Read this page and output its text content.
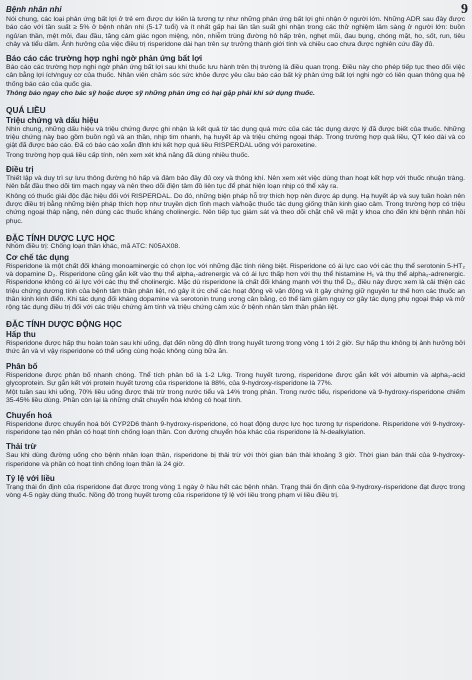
9
Bệnh nhân nhi

Nói chung, các loại phản ứng bất lợi ở trẻ em được dự kiến là tương tự như những phản ứng bất lợi ghi nhận ở người lớn. Những ADR sau đây được báo cáo với tần suất ≥ 5% ở bệnh nhân nhi (5-17 tuổi) và ít nhất gấp hai lần tần suất ghi nhận trong các thử nghiệm lâm sàng ở người lớn: buồn ngủ/an thần, mệt mỏi, đau đầu, tăng cảm giác ngon miệng, nôn, nhiễm trùng đường hô hấp trên, nghẹt mũi, đau bụng, chóng mặt, ho, sốt, run, tiêu chảy và tiểu dầm. Ảnh hưởng của việc điều trị risperidone dài hạn trên sự trưởng thành giới tính và chiều cao chưa được nghiên cứu đầy đủ.

Báo cáo các trường hợp nghi ngờ phản ứng bất lợi

Báo cáo các trường hợp nghi ngờ phản ứng bất lợi sau khi thuốc lưu hành trên thị trường là điều quan trọng. Điều này cho phép tiếp tục theo dõi việc cân bằng lợi ích/nguy cơ của thuốc. Nhân viên chăm sóc sức khỏe được yêu cầu báo cáo bất kỳ phản ứng bất lợi nghi ngờ có liên quan thông qua hệ thống báo cáo của quốc gia.

Thông báo ngay cho bác sỹ hoặc dược sỹ những phản ứng có hại gặp phải khi sử dụng thuốc.

QUÁ LIỀU
Triệu chứng và dấu hiệu

Nhìn chung, những dấu hiệu và triệu chứng được ghi nhận là kết quả từ tác dụng quá mức của các tác dụng dược lý đã được biết của thuốc. Những triệu chứng này bao gồm buồn ngủ và an thần, nhịp tim nhanh, hạ huyết áp và triệu chứng ngoại tháp. Trong trường hợp quá liều, QT kéo dài và co giật đã được báo cáo. Đã có báo cáo xoắn đỉnh khi kết hợp quá liều RISPERDAL uống với paroxetine.

Trong trường hợp quá liều cấp tính, nên xem xét khả năng đã dùng nhiều thuốc.

Điều trị

Thiết lập và duy trì sự lưu thông đường hô hấp và đảm bảo đầy đủ oxy và thông khí. Nên xem xét việc dùng than hoạt kết hợp với thuốc nhuận tràng. Nên bắt đầu theo dõi tim mạch ngay và nên theo dõi điện tâm đồ liên tục để phát hiện loạn nhịp có thể xảy ra.

Không có thuốc giải độc đặc hiệu đối với RISPERDAL. Do đó, những biện pháp hỗ trợ thích hợp nên được áp dụng. Hạ huyết áp và suy tuần hoàn nên được điều trị bằng những biện pháp thích hợp như truyền dịch tĩnh mạch và/hoặc thuốc tác dụng giống thần kinh giao cảm. Trong trường hợp có triệu chứng ngoại tháp nặng, nên dùng các thuốc kháng cholinergic. Nên tiếp tục giám sát và theo dõi chặt chẽ về mặt y khoa cho đến khi bệnh nhân hồi phục.

ĐẶC TÍNH DƯỢC LỰC HỌC

Nhóm điều trị: Chống loạn thần khác, mã ATC: N05AX08.

Cơ chế tác dụng

Risperidone là một chất đối kháng monoaminergic có chọn lọc với những đặc tính riêng biệt. Risperidone có ái lực cao với các thụ thể serotonin 5-HT₂ và dopamine D₂. Risperidone cũng gắn kết vào thụ thể alpha₁-adrenergic và có ái lực thấp hơn với thụ thể histamine H₁ và thụ thể alpha₂-adrenergic. Risperidone không có ái lực với các thụ thể cholinergic. Mặc dù risperidone là chất đối kháng mạnh với thụ thể D₂, điều này được xem là cải thiện các triệu chứng dương tính của bệnh tâm thần phân liệt, nó gây ít ức chế các hoạt động về vận động và ít gây chứng giữ nguyên tư thế hơn các thuốc an thần kinh kinh điển. Khi tác dụng đối kháng dopamine và serotonin trung ương cân bằng, có thể làm giảm nguy cơ gây tác dụng phụ ngoại tháp và mở rộng tác dụng điều trị đối với các triệu chứng âm tính và triệu chứng cảm xúc ở bệnh nhân tâm thần phân liệt.

ĐẶC TÍNH DƯỢC ĐỘNG HỌC
Hấp thu

Risperidone được hấp thu hoàn toàn sau khi uống, đạt đến nồng độ đỉnh trong huyết tương trong vòng 1 tới 2 giờ. Sự hấp thu không bị ảnh hưởng bởi thức ăn và vì vậy risperidone có thể uống cùng hoặc không cùng bữa ăn.

Phân bố

Risperidone được phân bố nhanh chóng. Thể tích phân bố là 1-2 L/kg. Trong huyết tương, risperidone được gắn kết với albumin và alpha₁-acid glycoprotein. Sự gắn kết với protein huyết tương của risperidone là 88%, của 9-hydroxy-risperidone là 77%.

Một tuần sau khi uống, 70% liều uống được thải trừ trong nước tiểu và 14% trong phân. Trong nước tiểu, risperidone và 9-hydroxy-risperidone chiếm 35-45% liều dùng. Phần còn lại là những chất chuyển hóa không có hoạt tính.

Chuyển hoá

Risperidone được chuyển hoá bởi CYP2D6 thành 9-hydroxy-risperidone, có hoạt động dược lực học tương tự risperidone. Risperidone với 9-hydroxy-risperidone tạo nên phân có hoạt tính chống loạn thần. Con đường chuyển hóa khác của risperidone là N-dealkylation.

Thải trừ

Sau khi dùng đường uống cho bệnh nhân loạn thần, risperidone bị thải trừ với thời gian bán thải khoảng 3 giờ. Thời gian bán thải của 9-hydroxy-risperidone và phần có hoạt tính chống loạn thần là 24 giờ.

Tỷ lệ với liều

Trạng thái ổn định của risperidone đạt được trong vòng 1 ngày ở hầu hết các bệnh nhân. Trạng thái ổn định của 9-hydroxy-risperidone đạt được trong vòng 4-5 ngày dùng thuốc. Nồng độ trong huyết tương của risperidone tỷ lệ với liều trong phạm vi liều điều trị.
